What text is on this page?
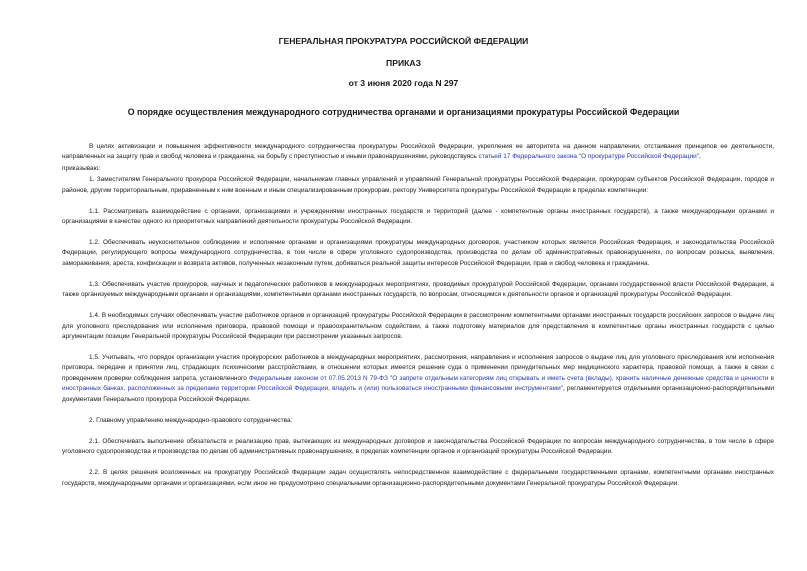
ГЕНЕРАЛЬНАЯ ПРОКУРАТУРА РОССИЙСКОЙ ФЕДЕРАЦИИ
ПРИКАЗ
от 3 июня 2020 года N 297
О порядке осуществления международного сотрудничества органами и организациями прокуратуры Российской Федерации

В целях активизации и повышения эффективности международного сотрудничества прокуратуры Российской Федерации, укрепления ее авторитета на данном направлении, отстаивания принципов ее деятельности, направленных на защиту прав и свобод человека и гражданина, на борьбу с преступностью и иными правонарушениями, руководствуясь статьей 17 Федерального закона "О прокуратуре Российской Федерации",

приказываю:

1. Заместителям Генерального прокурора Российской Федерации, начальникам главных управлений и управлений Генеральной прокуратуры Российской Федерации, прокурорам субъектов Российской Федерации, городов и районов, другим территориальным, приравненным к ним военным и иным специализированным прокурорам, ректору Университета прокуратуры Российской Федерации в пределах компетенции:

1.1. Рассматривать взаимодействие с органами, организациями и учреждениями иностранных государств и территорий (далее - компетентные органы иностранных государств), а также международными органами и организациями в качестве одного из приоритетных направлений деятельности прокуратуры Российской Федерации.

1.2. Обеспечивать неукоснительное соблюдение и исполнение органами и организациями прокуратуры международных договоров, участником которых является Российская Федерация, и законодательства Российской Федерации, регулирующего вопросы международного сотрудничества, в том числе в сфере уголовного судопроизводства, производства по делам об административных правонарушениях, по вопросам розыска, выявления, замораживания, ареста, конфискации и возврата активов, полученных незаконным путем, добиваться реальной защиты интересов Российской Федерации, прав и свобод человека и гражданина.

1.3. Обеспечивать участие прокуроров, научных и педагогических работников в международных мероприятиях, проводимых прокуратурой Российской Федерации, органами государственной власти Российской Федерации, а также организуемых международными органами и организациями, компетентными органами иностранных государств, по вопросам, относящимся к деятельности органов и организаций прокуратуры Российской Федерации.

1.4. В необходимых случаях обеспечивать участие работников органов и организаций прокуратуры Российской Федерации в рассмотрении компетентными органами иностранных государств российских запросов о выдаче лиц для уголовного преследования или исполнения приговора, правовой помощи и правоохранительном содействии, а также подготовку материалов для представления в компетентные органы иностранных государств с целью аргументации позиции Генеральной прокуратуры Российской Федерации при рассмотрении указанных запросов.

1.5. Учитывать, что порядок организации участия прокурорских работников в международных мероприятиях, рассмотрения, направления и исполнения запросов о выдаче лиц для уголовного преследования или исполнения приговора, передаче и принятии лиц, страдающих психическими расстройствами, в отношении которых имеется решение суда о применении принудительных мер медицинского характера, правовой помощи, а также в связи с проведением проверки соблюдения запрета, установленного Федеральным законом от 07.05.2013 N 79-ФЗ "О запрете отдельным категориям лиц открывать и иметь счета (вклады), хранить наличные денежные средства и ценности в иностранных банках, расположенных за пределами территории Российской Федерации, владеть и (или) пользоваться иностранными финансовыми инструментами", регламентируется отдельными организационно-распорядительными документами Генерального прокурора Российской Федерации.

2. Главному управлению международно-правового сотрудничества:

2.1. Обеспечивать выполнение обязательств и реализацию прав, вытекающих из международных договоров и законодательства Российской Федерации по вопросам международного сотрудничества, в том числе в сфере уголовного судопроизводства и производства по делам об административных правонарушениях, в пределах компетенции органов и организаций прокуратуры Российской Федерации.

2.2. В целях решения возложенных на прокуратуру Российской Федерации задач осуществлять непосредственное взаимодействие с федеральными государственными органами, компетентными органами иностранных государств, международными органами и организациями, если иное не предусмотрено специальными организационно-распорядительными документами Генеральной прокуратуры Российской Федерации.
